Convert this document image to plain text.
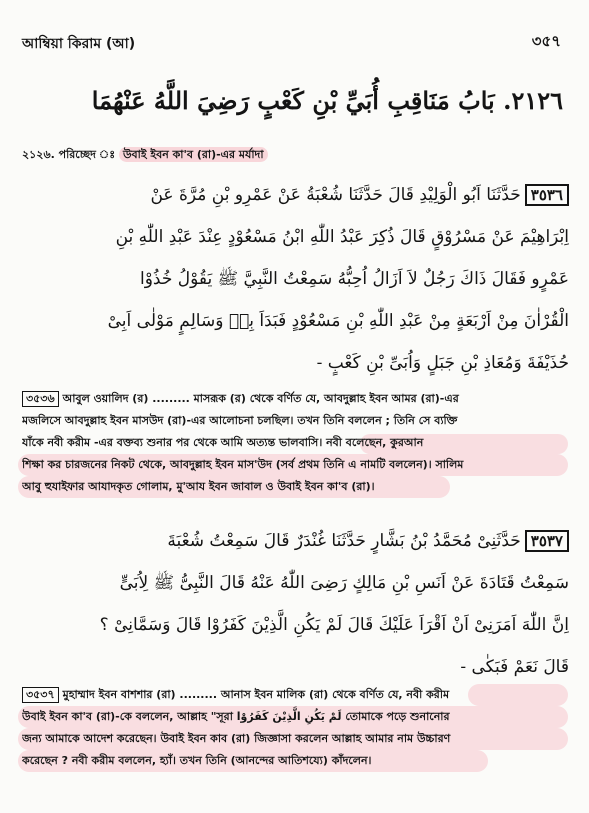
আম্বিয়া কিরাম (আ)	৩৫৭
٢١٢٦. بَابُ مَنَاقِبِ أُبَيِّ بْنِ كَعْبٍ رَضِيَ اللَّهُ عَنْهُمَا
২১২৬. পরিচ্ছেদ ঃ উবাই ইবন কা'ব (রা)-এর মর্যাদা
٣٥٣٦حَدَّثَنَا اَبُو الْوَلِيْدِ قَالَ حَدَّثَنَا شُعْبَةُ عَنْ عَمْرِو بْنِ مُرَّةَ عَنْ
اِبْرَاهِيْمَ عَنْ مَسْرُوْقٍ قَالَ ذُكِرَ عَبْدُ اللّٰهِ ابْنُ مَسْعُوْدٍ عِنْدَ عَبْدِ اللّٰهِ بْنِ
عَمْرٍو فَقَالَ ذَاكَ رَجُلٌ لاَ اَزَالُ اُحِبُّهُ سَمِعْتُ النَّبِيَّ ﷺ يَقُوْلُ خُذُوْا
الْقُرْاٰنَ مِنْ اَرْبَعَةٍ مِنْ عَبْدِ اللّٰهِ بْنِ مَسْعُوْدٍ فَبَدَاَ بِهٖ وَسَالِمٍ مَوْلٰى اَبِىْ
حُذَيْفَةَ وَمُعَاذِ بْنِ جَبَلٍ وَاُبَىِّ بْنِ كَعْبٍ -
৩৫৩৬ আবুল ওয়ালিদ (র) ......... মাসরূক (র) থেকে বর্ণিত যে, আবদুল্লাহ ইবন আমর (রা)-এর
মজলিসে আবদুল্লাহ ইবন মাসউদ (রা)-এর আলোচনা চলছিল। তখন তিনি বললেন ; তিনি সে ব্যক্তি
যাঁকে নবী করীম -এর বক্তব্য শুনার পর থেকে আমি অত্যন্ত ভালবাসি। নবী বলেছেন, কুরআন
শিক্ষা কর চারজনের নিকট থেকে, আবদুল্লাহ ইবন মাস'উদ (সর্ব প্রথম তিনি এ নামটি বললেন)। সালিম
আবু হুযাইফার আযাদকৃত গোলাম, মু'আয ইবন জাবাল ও উবাই ইবন কা'ব (রা)।
٣٥٣٧حَدَّثَنِىْ مُحَمَّدُ بْنُ بَشَّارٍ حَدَّثَنَا غُنْدَرٌ قَالَ سَمِعْتُ شُعْبَةَ
سَمِعْتُ قَتَادَةَ عَنْ اَنَسِ بْنِ مَالِكٍ رَضِىَ اللّٰهُ عَنْهُ قَالَ النَّبِىُّ ﷺ لِاُبَىٍّ
اِنَّ اللّٰهَ اَمَرَنِىْ اَنْ اَقْرَاَ عَلَيْكَ قَالَ لَمْ يَكُنِ الَّذِيْنَ كَفَرُوْا قَالَ وَسَمَّانِىْ ؟
قَالَ نَعَمْ فَبَكٰى -
৩৫৩৭ মুহাম্মাদ ইবন বাশশার (রা) ......... আনাস ইবন মালিক (রা) থেকে বর্ণিত যে, নবী করীম
উবাই ইবন কা'ব (রা)-কে বললেন, আল্লাহ "সূরা لَمْ يَكُنِ الَّذِيْنَ كَفَرُوْا তোমাকে পড়ে শুনানোর
জন্য আমাকে আদেশ করেছেন। উবাই ইবন কাব (রা) জিজ্ঞাসা করলেন আল্লাহ আমার নাম উচ্চারণ
করেছেন ? নবী করীম বললেন, হ্যাঁ। তখন তিনি (আনন্দের আতিশয্যে) কাঁদলেন।
